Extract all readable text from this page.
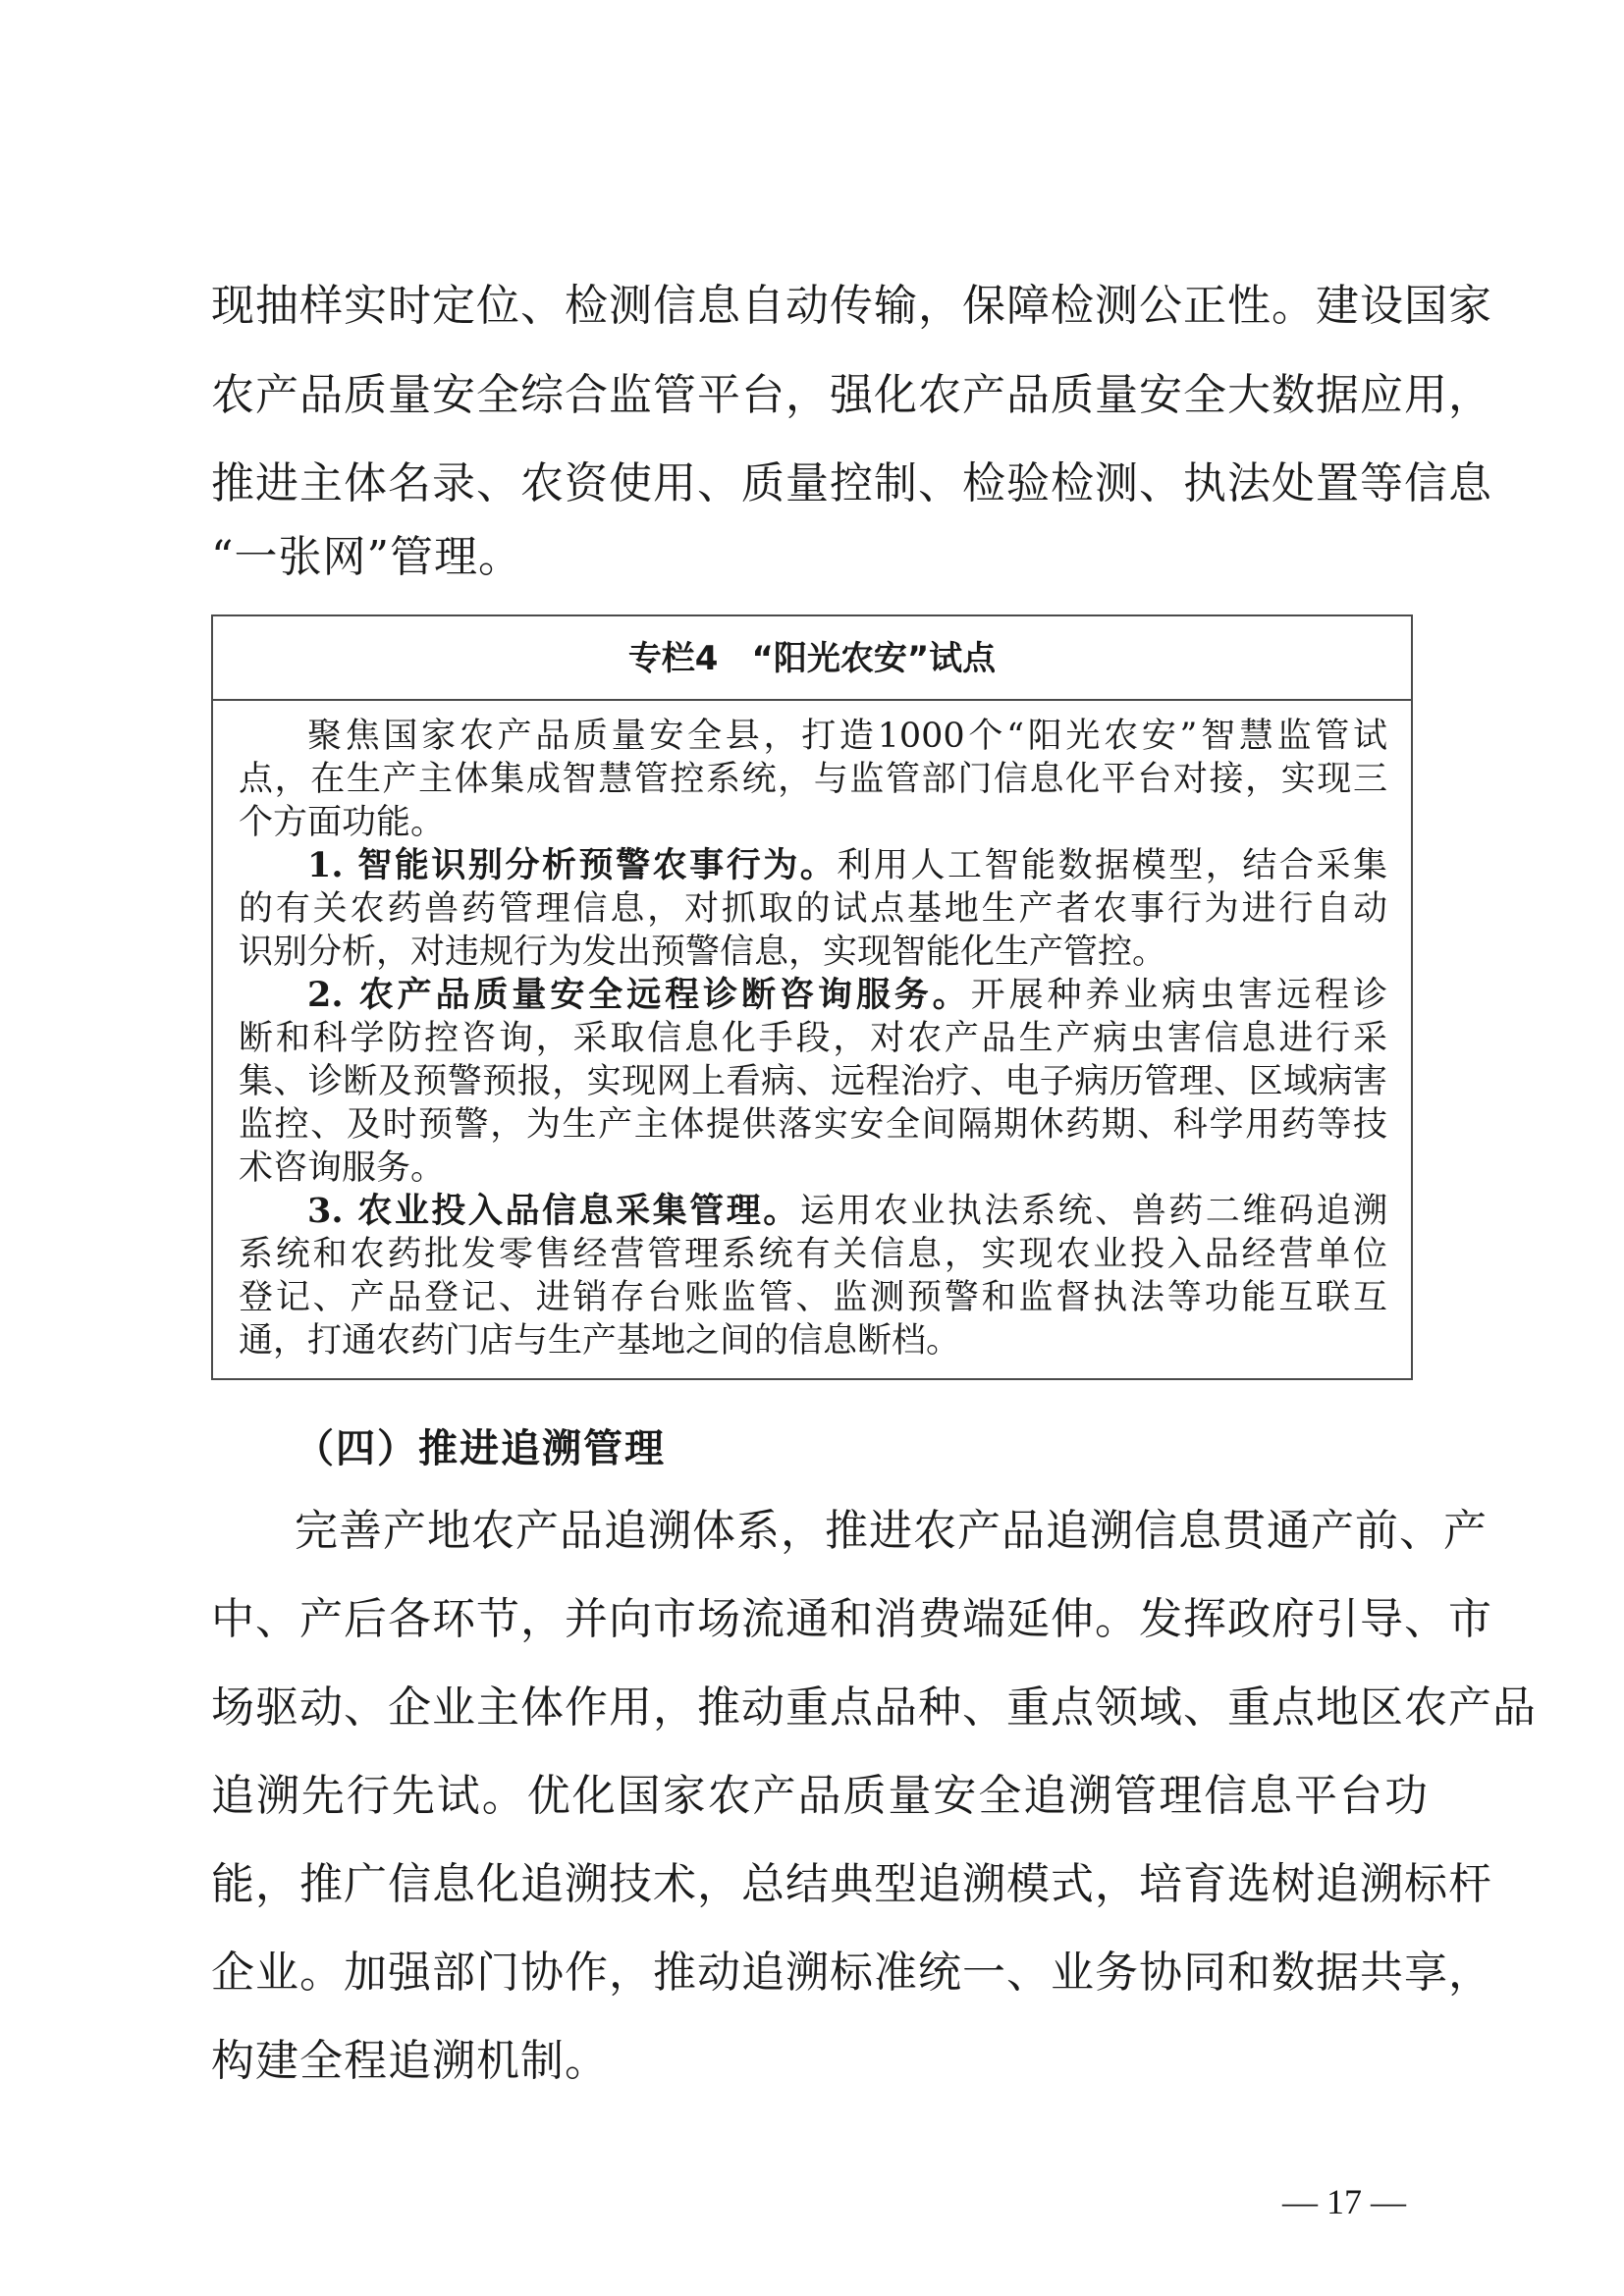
现抽样实时定位、检测信息自动传输，保障检测公正性。建设国家
农产品质量安全综合监管平台，强化农产品质量安全大数据应用，
推进主体名录、农资使用、质量控制、检验检测、执法处置等信息
“一张网”管理。
专栏4　“阳光农安”试点
聚焦国家农产品质量安全县，打造1000个“阳光农安”智慧监管试
点，在生产主体集成智慧管控系统，与监管部门信息化平台对接，实现三
个方面功能。
1. 智能识别分析预警农事行为。利用人工智能数据模型，结合采集
的有关农药兽药管理信息，对抓取的试点基地生产者农事行为进行自动
识别分析，对违规行为发出预警信息，实现智能化生产管控。
2. 农产品质量安全远程诊断咨询服务。开展种养业病虫害远程诊
断和科学防控咨询，采取信息化手段，对农产品生产病虫害信息进行采
集、诊断及预警预报，实现网上看病、远程治疗、电子病历管理、区域病害
监控、及时预警，为生产主体提供落实安全间隔期休药期、科学用药等技
术咨询服务。
3. 农业投入品信息采集管理。运用农业执法系统、兽药二维码追溯
系统和农药批发零售经营管理系统有关信息，实现农业投入品经营单位
登记、产品登记、进销存台账监管、监测预警和监督执法等功能互联互
通，打通农药门店与生产基地之间的信息断档。
（四）推进追溯管理
完善产地农产品追溯体系，推进农产品追溯信息贯通产前、产
中、产后各环节，并向市场流通和消费端延伸。发挥政府引导、市
场驱动、企业主体作用，推动重点品种、重点领域、重点地区农产品
追溯先行先试。优化国家农产品质量安全追溯管理信息平台功
能，推广信息化追溯技术，总结典型追溯模式，培育选树追溯标杆
企业。加强部门协作，推动追溯标准统一、业务协同和数据共享，
构建全程追溯机制。
— 17 —
